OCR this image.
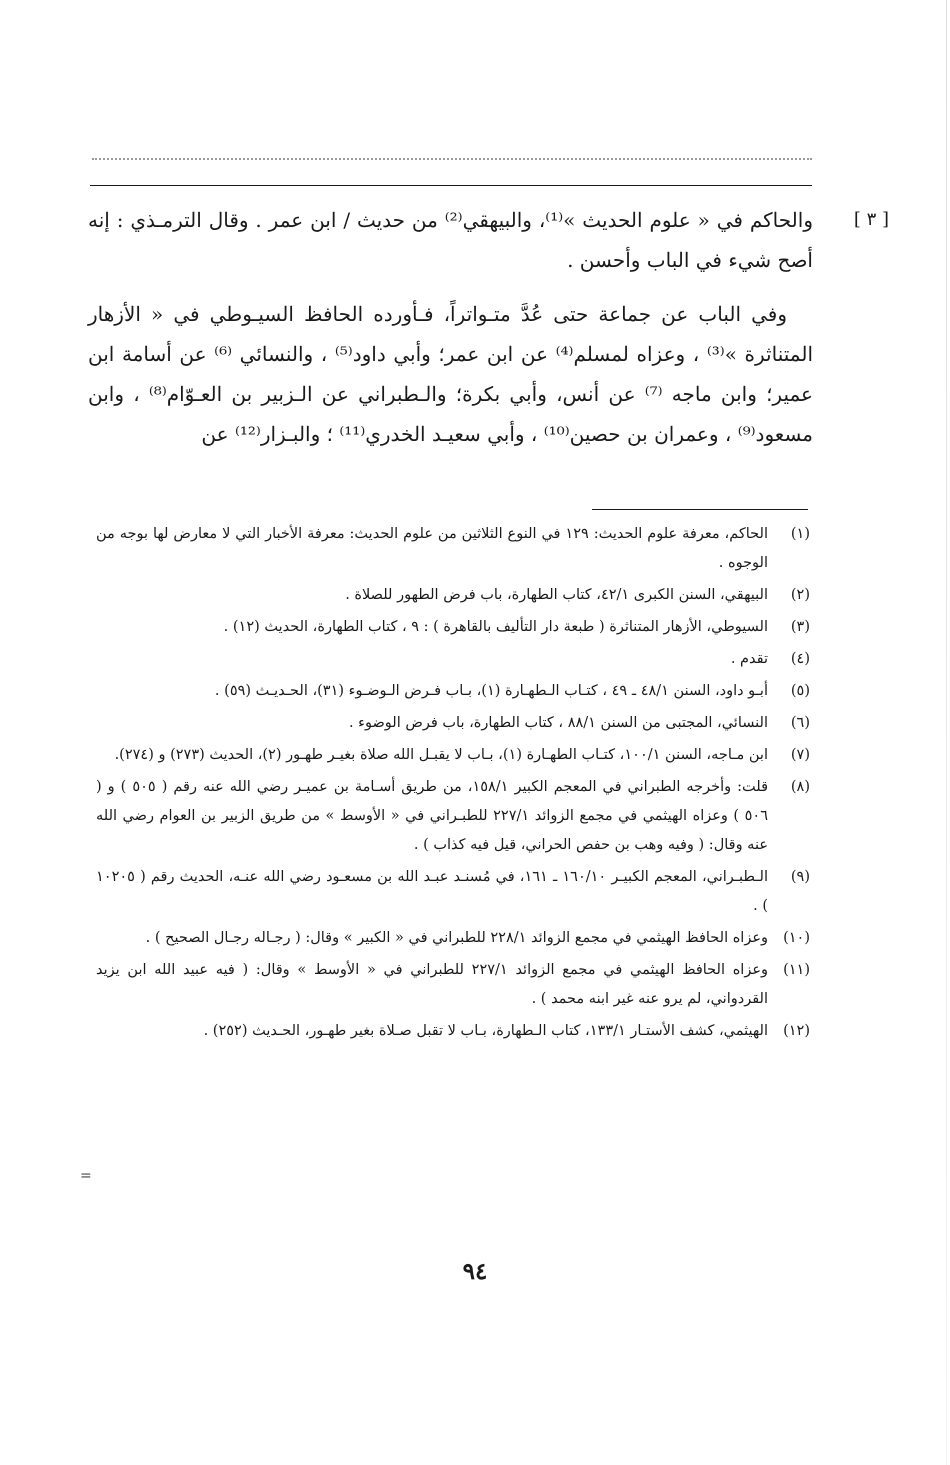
[ ٣ ]
والحاكم في « علوم الحديث »⁽¹⁾، والبيهقي⁽²⁾ من حديث / ابن عمر . وقال الترمـذي : إنه أصح شيء في الباب وأحسن .

وفي الباب عن جماعة حتى عُدَّ متـواتراً، فـأورده الحافظ السيـوطي في « الأزهار المتناثرة »⁽³⁾ ، وعزاه لمسلم⁽⁴⁾ عن ابن عمر؛ وأبي داود⁽⁵⁾ ، والنسائي ⁽⁶⁾ عن أسامة ابن عمير؛ وابن ماجه ⁽⁷⁾ عن أنس، وأبي بكرة؛ والـطبراني عن الـزبير بن العـوّام⁽⁸⁾ ، وابن مسعود⁽⁹⁾ ، وعمران بن حصين⁽¹⁰⁾ ، وأبي سعيـد الخدري⁽¹¹⁾ ؛ والبـزار⁽¹²⁾ عن

(١)
الحاكم، معرفة علوم الحديث: ١٢٩ في النوع الثلاثين من علوم الحديث: معرفة الأخبار التي لا معارض لها بوجه من الوجوه .
(٢)
البيهقي، السنن الكبرى ٤٢/١، كتاب الطهارة، باب فرض الطهور للصلاة .
(٣)
السيوطي، الأزهار المتناثرة ( طبعة دار التأليف بالقاهرة ) : ٩ ، كتاب الطهارة، الحديث (١٢) .
(٤)
تقدم .
(٥)
أبـو داود، السنن ٤٨/١ ـ ٤٩ ، كتـاب الـطهـارة (١)، بـاب فـرض الـوضـوء (٣١)، الحـديـث (٥٩) .
(٦)
النسائي، المجتبى من السنن ٨٨/١ ، كتاب الطهارة، باب فرض الوضوء .
(٧)
ابن مـاجه، السنن ١٠٠/١، كتـاب الطهـارة (١)، بـاب لا يقبـل الله صلاة بغيـر طهـور (٢)، الحديث (٢٧٣) و (٢٧٤).
(٨)
قلت: وأخرجه الطبراني في المعجم الكبير ١٥٨/١، من طريق أسـامة بن عميـر رضي الله عنه رقم ( ٥٠٥ ) و ( ٥٠٦ ) وعزاه الهيثمي في مجمع الزوائد ٢٢٧/١ للطبـراني في « الأوسط » من طريق الزبير بن العوام رضي الله عنه وقال: ( وفيه وهب بن حفص الحراني، قيل فيه كذاب ) .
(٩)
الـطبـراني، المعجم الكبيـر ١٦٠/١٠ ـ ١٦١، في مُسنـد عبـد الله بن مسعـود رضي الله عنـه، الحديث رقم ( ١٠٢٠٥ ) .
(١٠)
وعزاه الحافظ الهيثمي في مجمع الزوائد ٢٢٨/١ للطبراني في « الكبير » وقال: ( رجـاله رجـال الصحيح ) .
(١١)
وعزاه الحافظ الهيثمي في مجمع الزوائد ٢٢٧/١ للطبراني في « الأوسط » وقال: ( فيه عبيد الله ابن يزيد القردواني، لم يرو عنه غير ابنه محمد ) .
(١٢)
الهيثمي، كشف الأستـار ١٣٣/١، كتاب الـطهارة، بـاب لا تقبل صـلاة بغير طهـور، الحـديث (٢٥٢) .
=
٩٤
